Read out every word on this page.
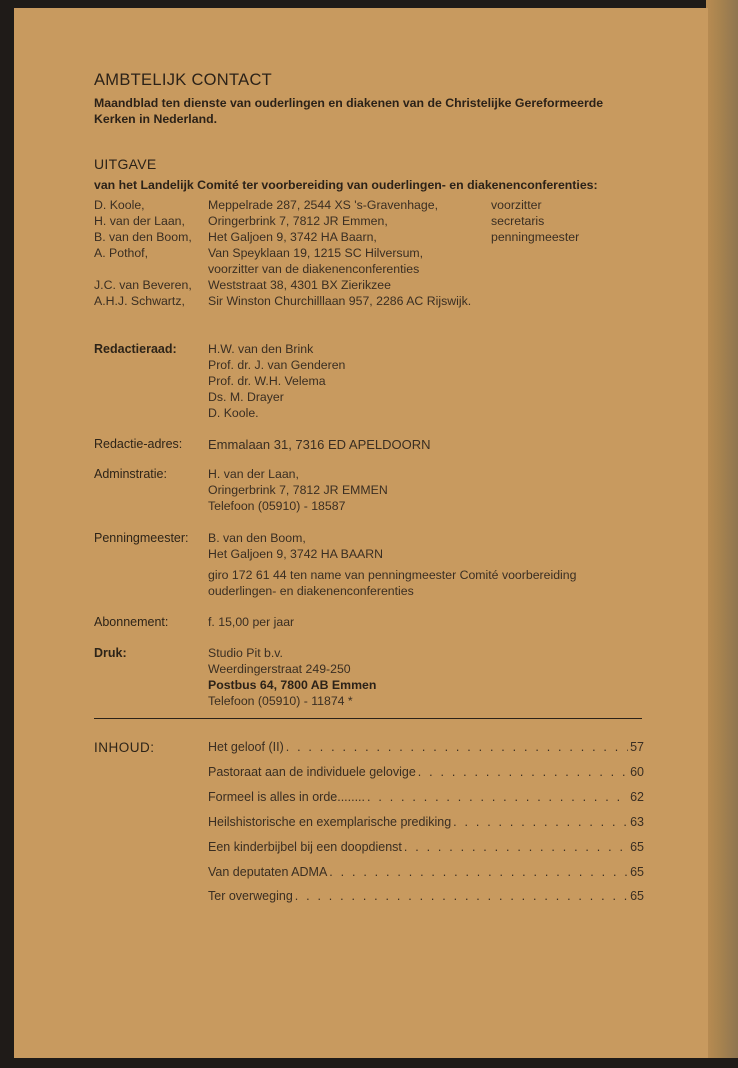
AMBTELIJK CONTACT
Maandblad ten dienste van ouderlingen en diakenen van de Christelijke Gereformeerde
Kerken in Nederland.
UITGAVE
van het Landelijk Comité ter voorbereiding van ouderlingen- en diakenenconferenties:
D. Koole,	Meppelrade 287, 2544 XS 's-Gravenhage,	voorzitter
H. van der Laan, Oringerbrink 7, 7812 JR Emmen,	secretaris
B. van den Boom, Het Galjoen 9, 3742 HA Baarn,	penningmeester
A. Pothof,	Van Speyklaan 19, 1215 SC Hilversum,
voorzitter van de diakenenconferenties
J.C. van Beveren, Weststraat 38, 4301 BX Zierikzee
A.H.J. Schwartz, Sir Winston Churchilllaan 957, 2286 AC Rijswijk.
Redactieraad:	H.W. van den Brink
Prof. dr. J. van Genderen
Prof. dr. W.H. Velema
Ds. M. Drayer
D. Koole.
Redactie-adres: Emmalaan 31, 7316 ED APELDOORN
Adminstratie:	H. van der Laan,
Oringerbrink 7, 7812 JR EMMEN
Telefoon (05910) - 18587
Penningmeester: B. van den Boom,
Het Galjoen 9, 3742 HA BAARN
giro 172 61 44 ten name van penningmeester Comité voorbereiding
ouderlingen- en diakenenconferenties
Abonnement:	f. 15,00 per jaar
Druk:	Studio Pit b.v.
Weerdingerstraat 249-250
Postbus 64, 7800 AB Emmen
Telefoon (05910) - 11874 *
INHOUD:	Het geloof (II) . . .	57
Pastoraat aan de individuele gelovige . . .	60
Formeel is alles in orde........ . . .	62
Heilshistorische en exemplarische prediking . . .	63
Een kinderbijbel bij een doopdienst . . .	65
Van deputaten ADMA . . .	65
Ter overweging . . .	65
